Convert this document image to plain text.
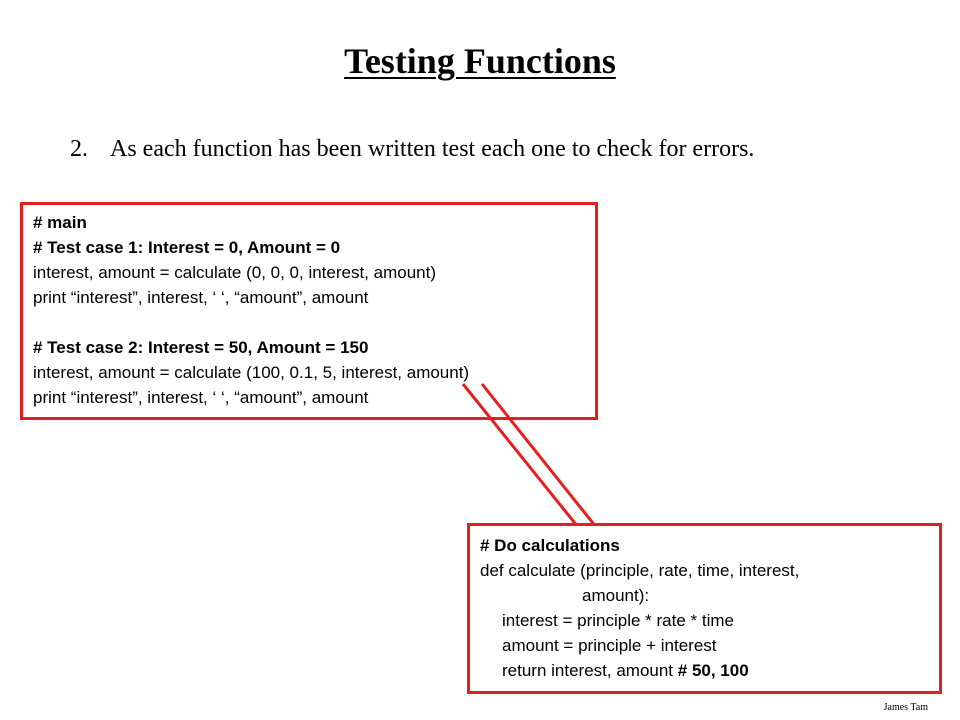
Testing Functions
2. As each function has been written test each one to check for errors.
# main
# Test case 1: Interest = 0, Amount = 0
interest, amount = calculate (0, 0, 0, interest, amount)
print “interest”, interest, ‘ ‘, “amount”, amount
# Test case 2: Interest = 50, Amount = 150
interest, amount = calculate (100, 0.1, 5, interest, amount)
print “interest”, interest, ‘ ‘, “amount”, amount
# Do calculations
def calculate (principle, rate, time, interest,
amount):
interest = principle * rate * time
amount = principle + interest
return interest, amount # 50, 100
James Tam
